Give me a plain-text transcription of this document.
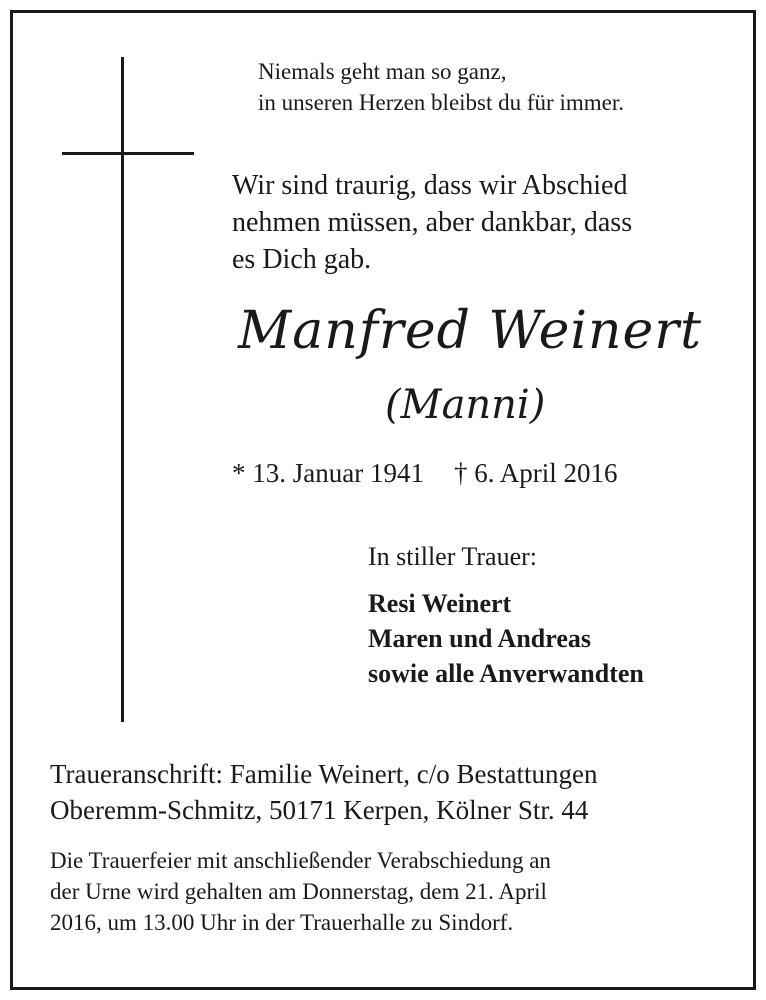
Niemals geht man so ganz,
in unseren Herzen bleibst du für immer.
Wir sind traurig, dass wir Abschied
nehmen müssen, aber dankbar, dass
es Dich gab.
Manfred Weinert
(Manni)
* 13. Januar 1941 † 6. April 2016
In stiller Trauer:
Resi Weinert
Maren und Andreas
sowie alle Anverwandten
Traueranschrift: Familie Weinert, c/o Bestattungen
Oberemm-Schmitz, 50171 Kerpen, Kölner Str. 44
Die Trauerfeier mit anschließender Verabschiedung an
der Urne wird gehalten am Donnerstag, dem 21. April
2016, um 13.00 Uhr in der Trauerhalle zu Sindorf.
